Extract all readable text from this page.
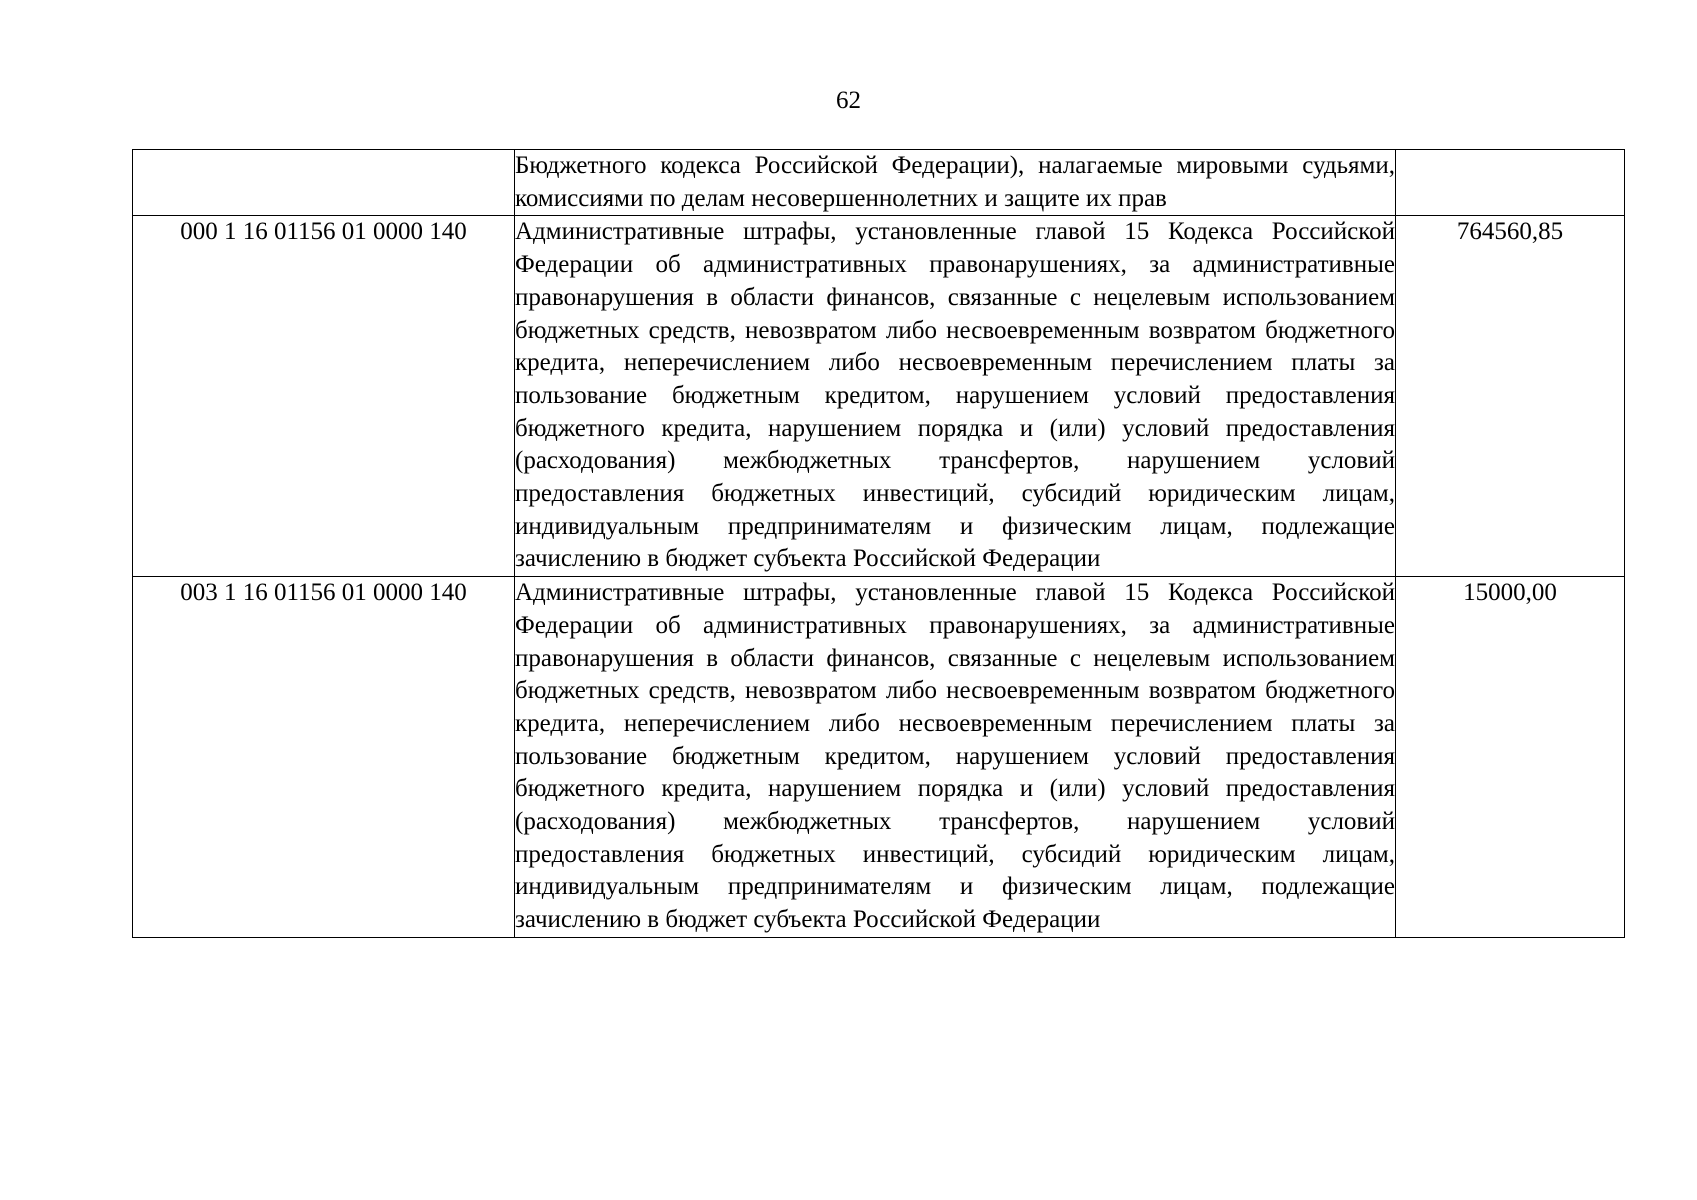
62
	Бюджетного кодекса Российской Федерации), налагаемые мировыми судьями, комиссиями по делам несовершеннолетних и защите их прав	
000 1 16 01156 01 0000 140	Административные штрафы, установленные главой 15 Кодекса Российской Федерации об административных правонарушениях, за административные правонарушения в области финансов, связанные с нецелевым использованием бюджетных средств, невозвратом либо несвоевременным возвратом бюджетного кредита, неперечислением либо несвоевременным перечислением платы за пользование бюджетным кредитом, нарушением условий предоставления бюджетного кредита, нарушением порядка и (или) условий предоставления (расходования) межбюджетных трансфертов, нарушением условий предоставления бюджетных инвестиций, субсидий юридическим лицам, индивидуальным предпринимателям и физическим лицам, подлежащие зачислению в бюджет субъекта Российской Федерации	764560,85
003 1 16 01156 01 0000 140	Административные штрафы, установленные главой 15 Кодекса Российской Федерации об административных правонарушениях, за административные правонарушения в области финансов, связанные с нецелевым использованием бюджетных средств, невозвратом либо несвоевременным возвратом бюджетного кредита, неперечислением либо несвоевременным перечислением платы за пользование бюджетным кредитом, нарушением условий предоставления бюджетного кредита, нарушением порядка и (или) условий предоставления (расходования) межбюджетных трансфертов, нарушением условий предоставления бюджетных инвестиций, субсидий юридическим лицам, индивидуальным предпринимателям и физическим лицам, подлежащие зачислению в бюджет субъекта Российской Федерации	15000,00
